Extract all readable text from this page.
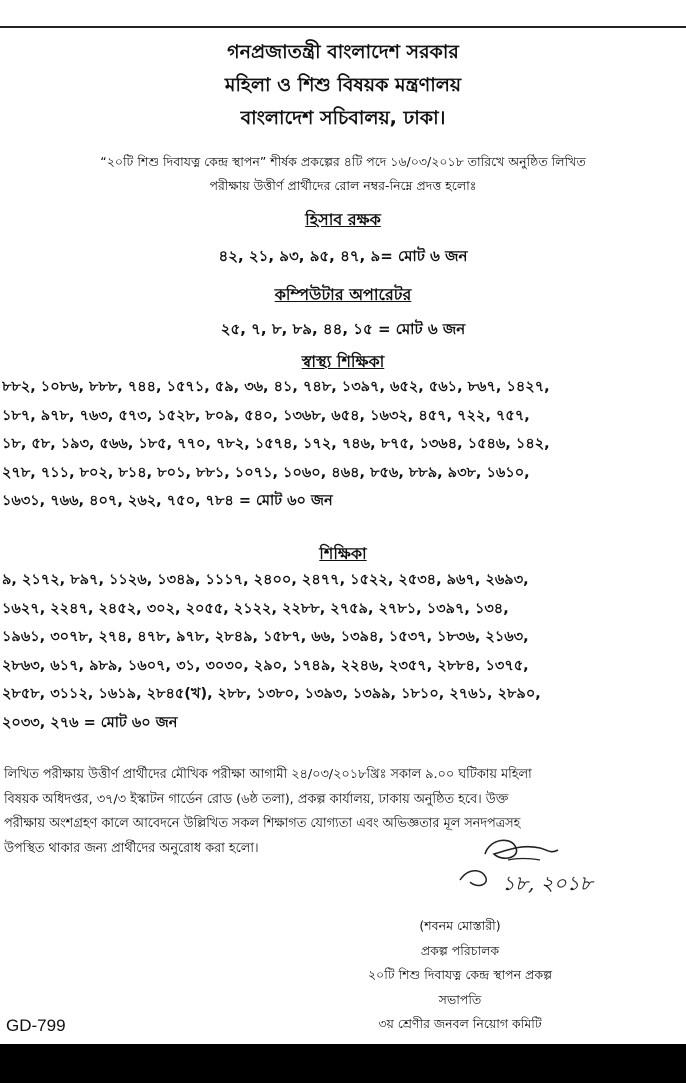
গনপ্রজাতন্ত্রী বাংলাদেশ সরকার
মহিলা ও শিশু বিষয়ক মন্ত্রণালয়
বাংলাদেশ সচিবালয়, ঢাকা।
“২০টি শিশু দিবাযত্ন কেন্দ্র স্থাপন” শীর্ষক প্রকল্পের ৪টি পদে ১৬/০৩/২০১৮ তারিখে অনুষ্ঠিত লিখিত
পরীক্ষায় উত্তীর্ণ প্রার্থীদের রোল নম্বর-নিম্নে প্রদত্ত হলোঃ
হিসাব রক্ষক
৪২, ২১, ৯৩, ৯৫, ৪৭, ৯= মোট ৬ জন
কম্পিউটার অপারেটর
২৫, ৭, ৮, ৮৯, ৪৪, ১৫ = মোট ৬ জন
স্বাস্থ্য শিক্ষিকা
৮৮২, ১০৮৬, ৮৮৮, ৭৪৪, ১৫৭১, ৫৯, ৩৬, ৪১, ৭৪৮, ১৩৯৭, ৬৫২, ৫৬১, ৮৬৭, ১৪২৭,
১৮৭, ৯৭৮, ৭৬৩, ৫৭৩, ১৫২৮, ৮০৯, ৫৪০, ১৩৬৮, ৬৫৪, ১৬৩২, ৪৫৭, ৭২২, ৭৫৭,
১৮, ৫৮, ১৯৩, ৫৬৬, ১৮৫, ৭৭০, ৭৮২, ১৫৭৪, ১৭২, ৭৪৬, ৮৭৫, ১৩৬৪, ১৫৪৬, ১৪২,
২৭৮, ৭১১, ৮০২, ৮১৪, ৮০১, ৮৮১, ১০৭১, ১০৬০, ৪৬৪, ৮৫৬, ৮৮৯, ৯৩৮, ১৬১০,
১৬৩১, ৭৬৬, ৪০৭, ২৬২, ৭৫০, ৭৮৪ = মোট ৬০ জন
শিক্ষিকা
৯, ২১৭২, ৮৯৭, ১১২৬, ১৩৪৯, ১১১৭, ২৪০০, ২৪৭৭, ১৫২২, ২৫৩৪, ৯৬৭, ২৬৯৩,
১৬২৭, ২২৪৭, ২৪৫২, ৩০২, ২০৫৫, ২১২২, ২২৮৮, ২৭৫৯, ২৭৮১, ১৩৯৭, ১৩৪,
১৯৬১, ৩০৭৮, ২৭৪, ৪৭৮, ৯৭৮, ২৮৪৯, ১৫৮৭, ৬৬, ১৩৯৪, ১৫৩৭, ১৮৩৬, ২১৬৩,
২৮৬৩, ৬১৭, ৯৮৯, ১৬০৭, ৩১, ৩০৩০, ২৯০, ১৭৪৯, ২২৪৬, ২৩৫৭, ২৮৮৪, ১৩৭৫,
২৮৫৮, ৩১১২, ১৬১৯, ২৮৪৫(খ), ২৮৮, ১৩৮০, ১৩৯৩, ১৩৯৯, ১৮১০, ২৭৬১, ২৮৯০,
২০৩৩, ২৭৬ = মোট ৬০ জন
লিখিত পরীক্ষায় উত্তীর্ণ প্রার্থীদের মৌখিক পরীক্ষা আগামী ২৪/০৩/২০১৮খ্রিঃ সকাল ৯.০০ ঘটিকায় মহিলা
বিষয়ক অধিদপ্তর, ৩৭/৩ ইস্কাটন গার্ডেন রোড (৬ষ্ঠ তলা), প্রকল্প কার্যালয়, ঢাকায় অনুষ্ঠিত হবে। উক্ত
পরীক্ষায় অংশগ্রহণ কালে আবেদনে উল্লিখিত সকল শিক্ষাগত যোগ্যতা এবং অভিজ্ঞতার মূল সনদপত্রসহ
উপস্থিত থাকার জন্য প্রার্থীদের অনুরোধ করা হলো।
১৮, ২০১৮
(শবনম মোস্তারী)
প্রকল্প পরিচালক
২০টি শিশু দিবাযত্ন কেন্দ্র স্থাপন প্রকল্প
সভাপতি
৩য় শ্রেণীর জনবল নিয়োগ কমিটি
GD-799
